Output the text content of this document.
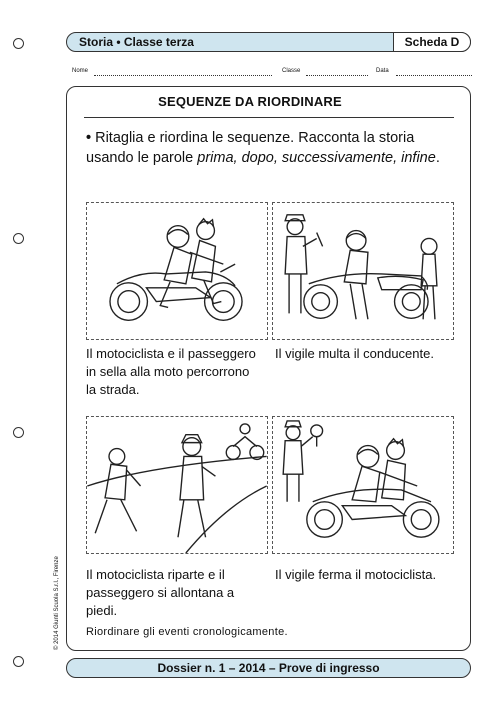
Storia • Classe terza	Scheda D
Nome	Classe	Data
SEQUENZE DA RIORDINARE
• Ritaglia e riordina le sequenze. Racconta la storia usando le parole prima, dopo, successivamente, infine.
Il motociclista e il passeggero in sella alla moto percorrono la strada.
Il vigile multa il conducente.
Il motociclista riparte e il passeggero si allontana a piedi.
Il vigile ferma il motociclista.
Riordinare gli eventi cronologicamente.
© 2014 Giunti Scuola S.r.l., Firenze
Dossier n. 1 – 2014 – Prove di ingresso
